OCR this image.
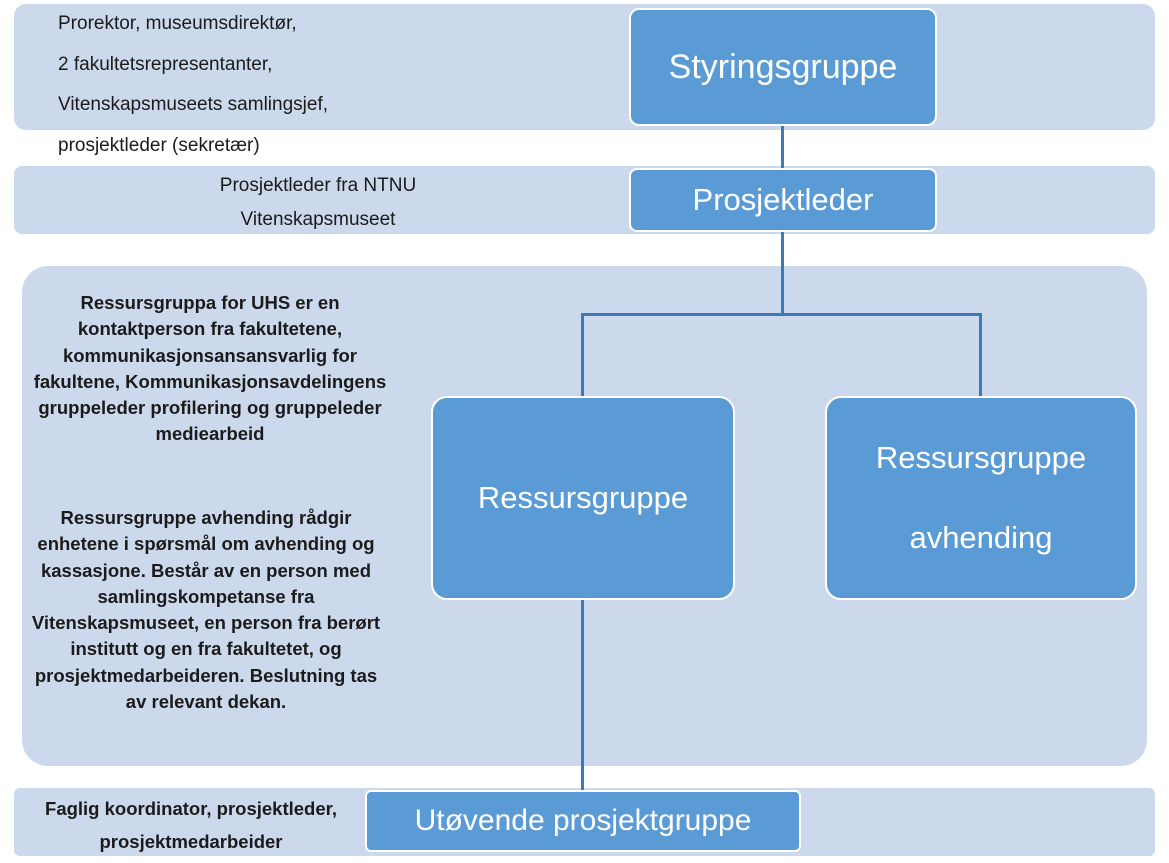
Prorektor, museumsdirektør,

2 fakultetsrepresentanter,

Vitenskapsmuseets samlingsjef,

prosjektleder (sekretær)

Prosjektleder fra NTNU

Vitenskapsmuseet

Ressursgruppa for UHS er en kontaktperson fra fakultetene, kommunikasjonsansansvarlig for fakultene, Kommunikasjonsavdelingens gruppeleder profilering og gruppeleder mediearbeid
Ressursgruppe avhending rådgir enhetene i spørsmål om avhending og kassasjone. Består av en person med samlingskompetanse fra Vitenskapsmuseet, en person fra berørt institutt og en fra fakultetet, og prosjektmedarbeideren. Beslutning tas av relevant dekan.

Faglig koordinator, prosjektleder,

prosjektmedarbeider

Styringsgruppe
Prosjektleder
Ressursgruppe
Ressursgruppe

avhending
Utøvende prosjektgruppe
